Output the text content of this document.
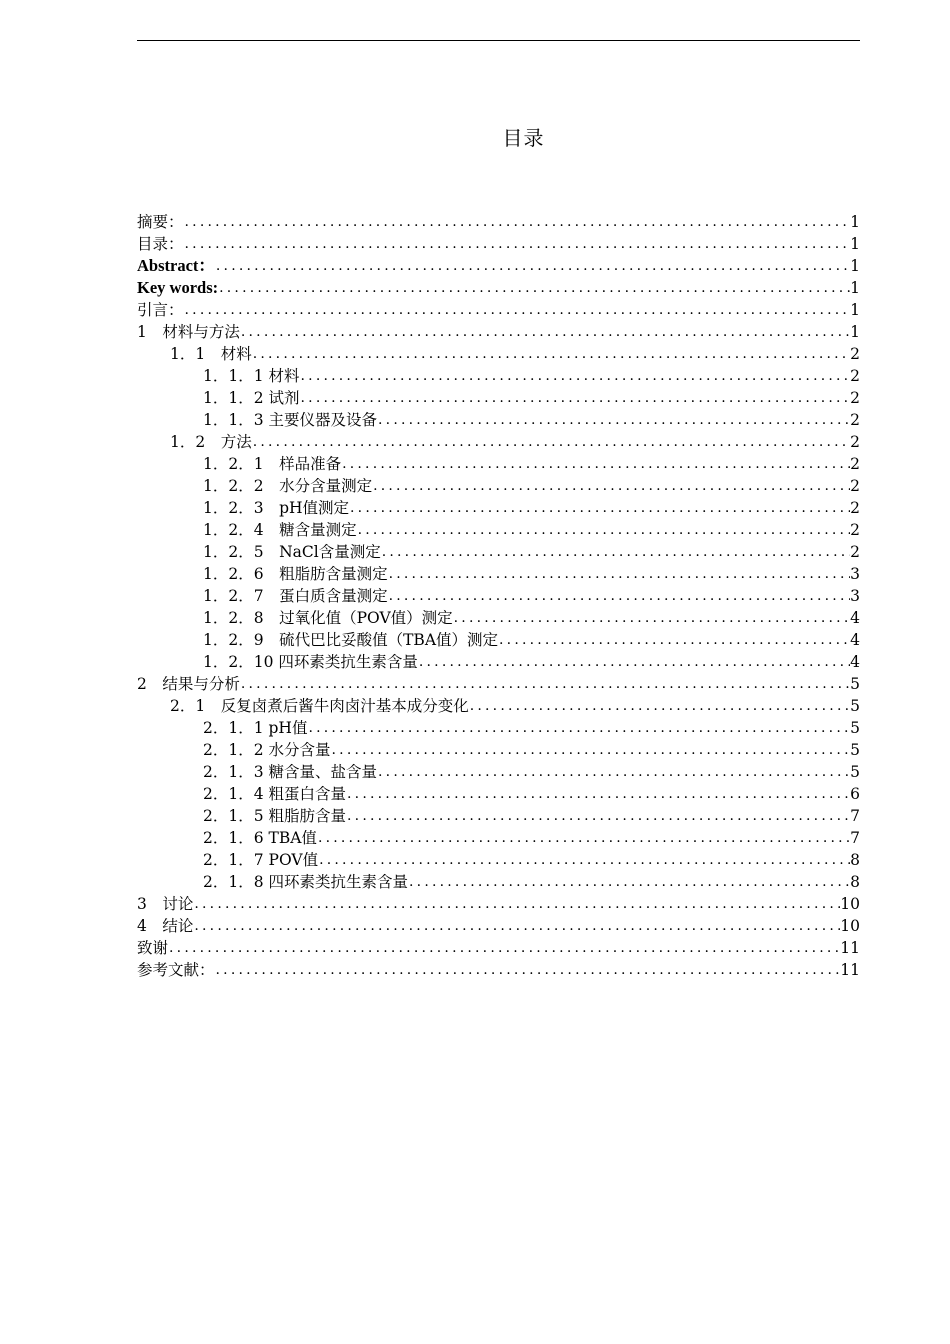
目录
摘要： .....	1
目录： .....	1
Abstract： .....	1
Key words: .....	1
引言： .....	1
1　材料与方法 .....	1
1．1　材料 .....	2
1．1．1 材料 .....	2
1．1．2 试剂 .....	2
1．1．3 主要仪器及设备 .....	2
1．2　方法 .....	2
1．2．1　样品准备 .....	2
1．2．2　水分含量测定 .....	2
1．2．3　pH值测定 .....	2
1．2．4　糖含量测定 .....	2
1．2．5　NaCl含量测定 .....	2
1．2．6　粗脂肪含量测定 .....	3
1．2．7　蛋白质含量测定 .....	3
1．2．8　过氧化值（POV值）测定 .....	4
1．2．9　硫代巴比妥酸值（TBA值）测定 .....	4
1．2．10 四环素类抗生素含量 .....	4
2　结果与分析 .....	5
2．1　反复卤煮后酱牛肉卤汁基本成分变化 .....	5
2．1．1 pH值 .....	5
2．1．2 水分含量 .....	5
2．1．3 糖含量、盐含量 .....	5
2．1．4 粗蛋白含量 .....	6
2．1．5 粗脂肪含量 .....	7
2．1．6 TBA值 .....	7
2．1．7 POV值 .....	8
2．1．8 四环素类抗生素含量 .....	8
3　讨论 .....	10
4　结论 .....	10
致谢 .....	11
参考文献： .....	11
